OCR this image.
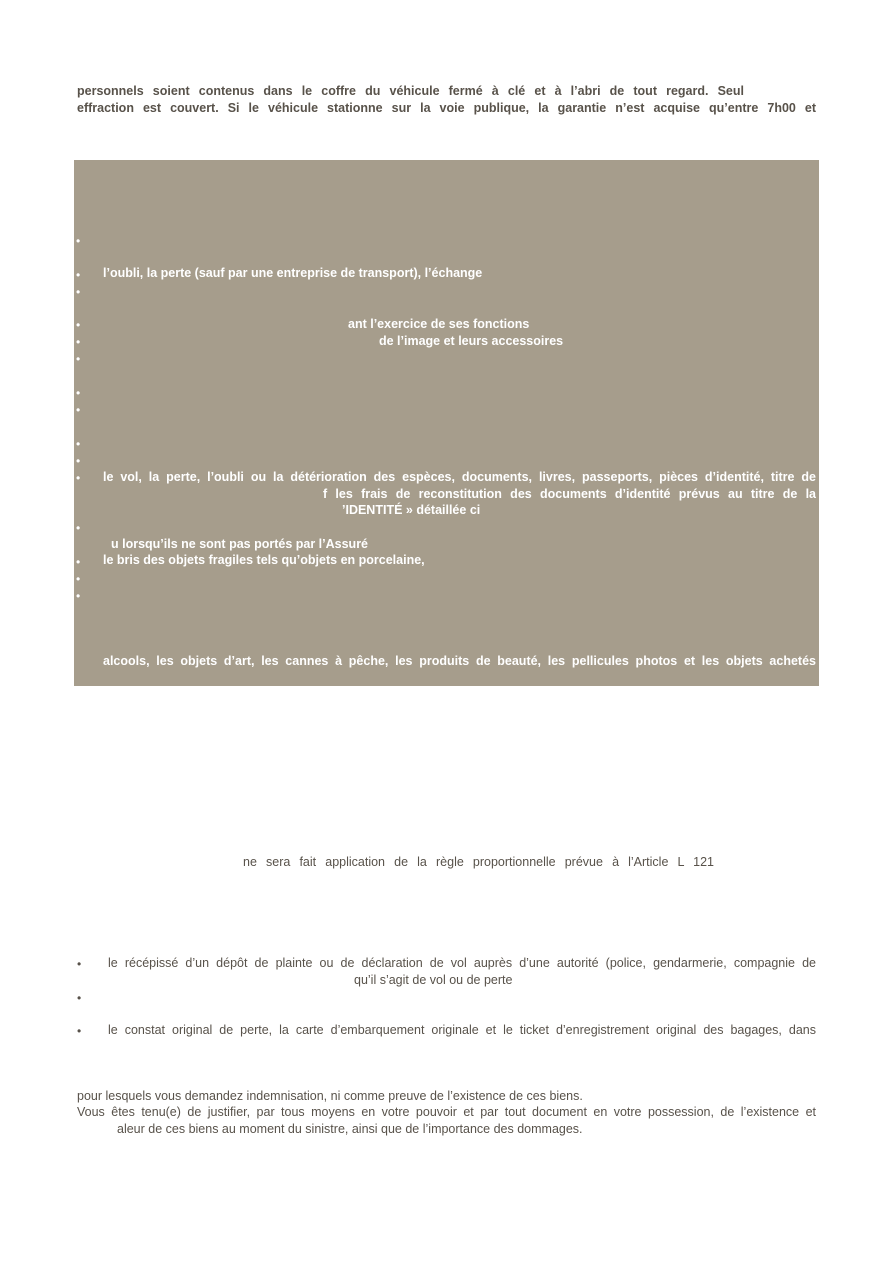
personnels soient contenus dans le coffre du véhicule fermé à clé et à l’abri de tout regard. Seul
effraction est couvert. Si le véhicule stationne sur la voie publique, la garantie n’est acquise qu’entre 7h00 et
•
•
•
•
•
•
•
•
•
•
•
•
•
•
•
l’oubli, la perte (sauf par une entreprise de transport), l’échange
ant l’exercice de ses fonctions
de l’image et leurs accessoires
le vol, la perte, l’oubli ou la détérioration des espèces, documents, livres, passeports, pièces d’identité, titre de
f les frais de reconstitution des documents d’identité prévus au titre de la
’IDENTITÉ » détaillée ci
u lorsqu’ils ne sont pas portés par l’Assuré
le bris des objets fragiles tels qu’objets en porcelaine,
alcools, les objets d’art, les cannes à pêche, les produits de beauté, les pellicules photos et les objets achetés
ne sera fait application de la règle proportionnelle prévue à l’Article L 121
• le récépissé d’un dépôt de plainte ou de déclaration de vol auprès d’une autorité (police, gendarmerie, compagnie de
qu’il s’agit de vol ou de perte
•
• le constat original de perte, la carte d’embarquement originale et le ticket d’enregistrement original des bagages, dans
pour lesquels vous demandez indemnisation, ni comme preuve de l’existence de ces biens.
Vous êtes tenu(e) de justifier, par tous moyens en votre pouvoir et par tout document en votre possession, de l’existence et
aleur de ces biens au moment du sinistre, ainsi que de l’importance des dommages.
